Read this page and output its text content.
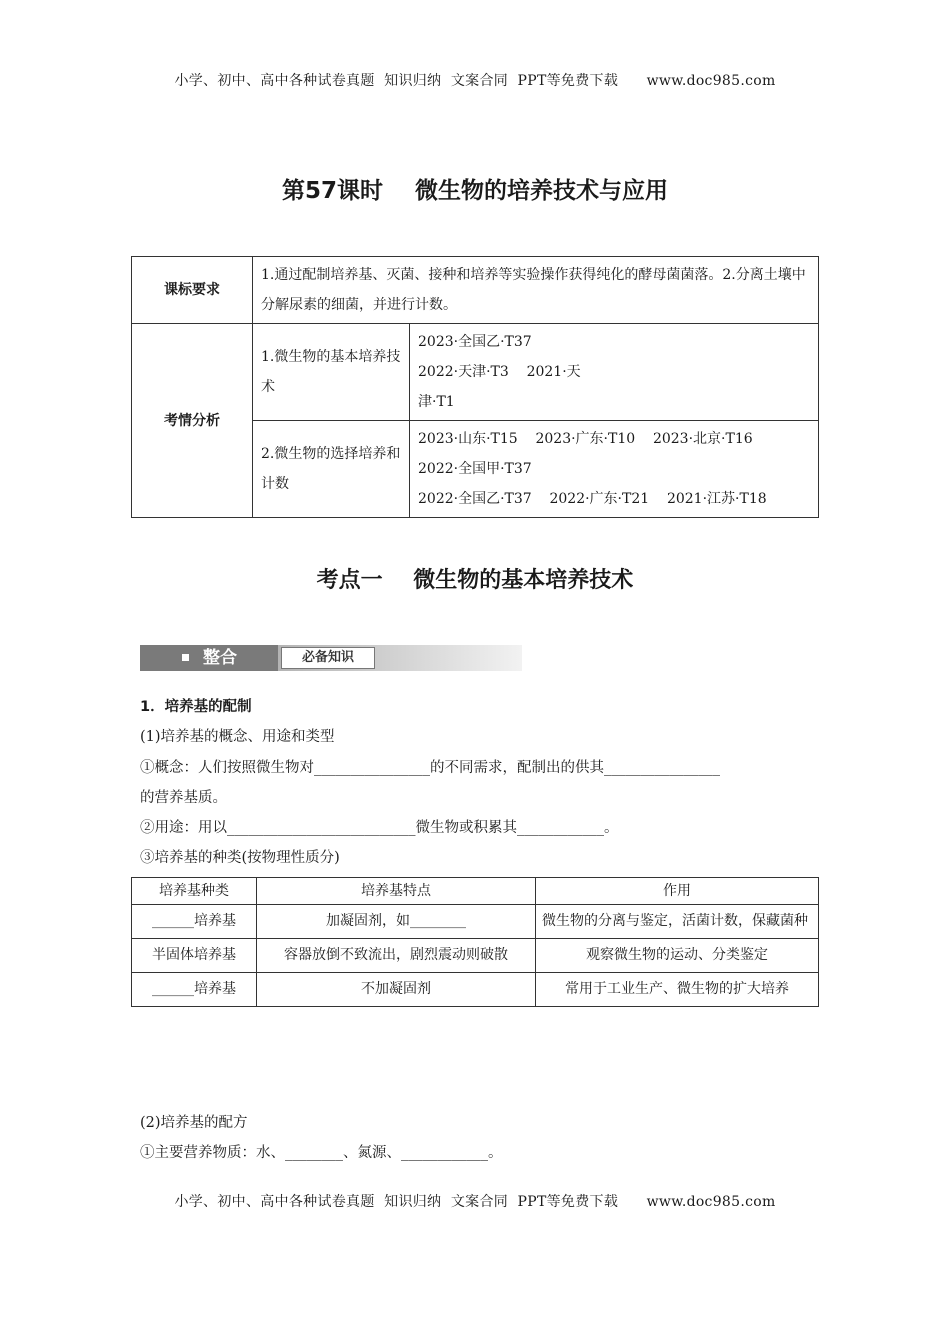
小学、初中、高中各种试卷真题  知识归纳  文案合同  PPT等免费下载      www.doc985.com
第57课时    微生物的培养技术与应用
课标要求	1.通过配制培养基、灭菌、接种和培养等实验操作获得纯化的酵母菌菌落。2.分离土壤中分解尿素的细菌，并进行计数。	
考情分析	1.微生物的基本培养技术	2023·全国乙·T37
2022·天津·T3    2021·天
津·T1

	2.微生物的选择培养和计数	2023·山东·T15    2023·广东·T10    2023·北京·T16
2022·全国甲·T37
2022·全国乙·T37    2022·广东·T21    2021·江苏·T18
考点一    微生物的基本培养技术
整合	必备知识
1．培养基的配制
(1)培养基的概念、用途和类型
①概念：人们按照微生物对________________的不同需求，配制出的供其________________
的营养基质。
②用途：用以__________________________微生物或积累其____________。
③培养基的种类(按物理性质分)
培养基种类	培养基特点	作用
______培养基	加凝固剂，如________	微生物的分离与鉴定，活菌计数，保藏菌种
半固体培养基	容器放倒不致流出，剧烈震动则破散	观察微生物的运动、分类鉴定
______培养基	不加凝固剂	常用于工业生产、微生物的扩大培养
(2)培养基的配方
①主要营养物质：水、________、氮源、____________。
小学、初中、高中各种试卷真题  知识归纳  文案合同  PPT等免费下载      www.doc985.com
